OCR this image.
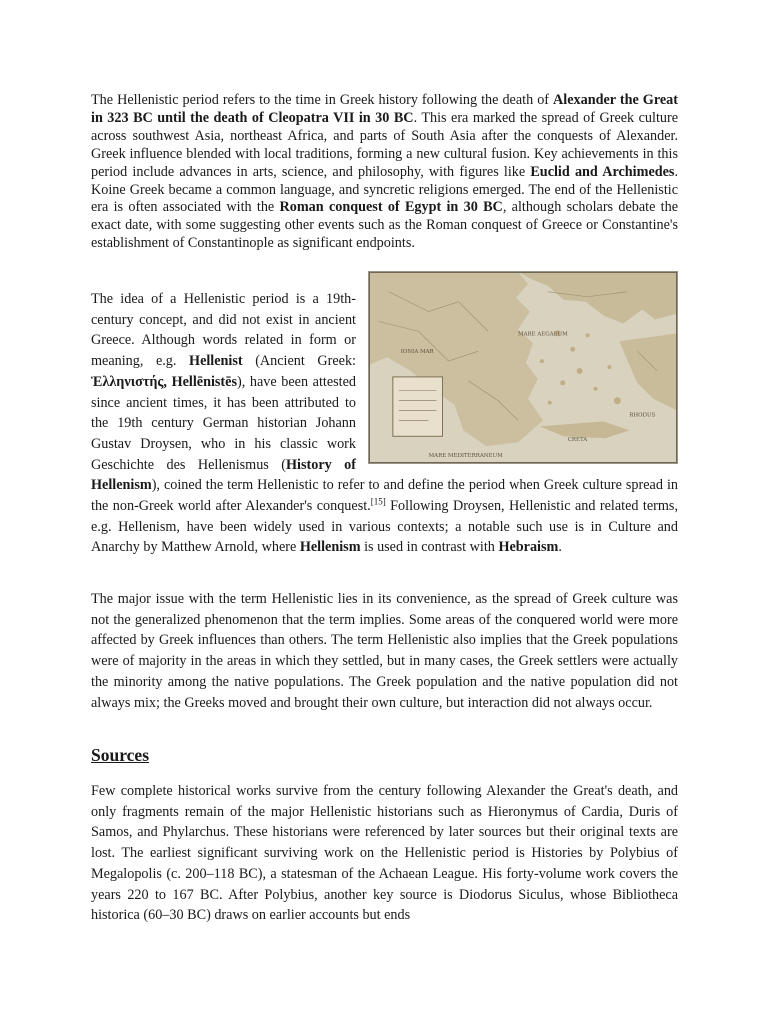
The Hellenistic period refers to the time in Greek history following the death of Alexander the Great in 323 BC until the death of Cleopatra VII in 30 BC. This era marked the spread of Greek culture across southwest Asia, northeast Africa, and parts of South Asia after the conquests of Alexander. Greek influence blended with local traditions, forming a new cultural fusion. Key achievements in this period include advances in arts, science, and philosophy, with figures like Euclid and Archimedes. Koine Greek became a common language, and syncretic religions emerged. The end of the Hellenistic era is often associated with the Roman conquest of Egypt in 30 BC, although scholars debate the exact date, with some suggesting other events such as the Roman conquest of Greece or Constantine's establishment of Constantinople as significant endpoints.

IONIA MAR
MARE AEGAEUM
CRETA
RHODUS
MARE MEDITERRANEUM
The idea of a Hellenistic period is a 19th-century concept, and did not exist in ancient Greece. Although words related in form or meaning, e.g. Hellenist (Ancient Greek: Ἑλληνιστής, Hellēnistēs), have been attested since ancient times, it has been attributed to the 19th century German historian Johann Gustav Droysen, who in his classic work Geschichte des Hellenismus (History of Hellenism), coined the term Hellenistic to refer to and define the period when Greek culture spread in the non-Greek world after Alexander's conquest.[15] Following Droysen, Hellenistic and related terms, e.g. Hellenism, have been widely used in various contexts; a notable such use is in Culture and Anarchy by Matthew Arnold, where Hellenism is used in contrast with Hebraism.

The major issue with the term Hellenistic lies in its convenience, as the spread of Greek culture was not the generalized phenomenon that the term implies. Some areas of the conquered world were more affected by Greek influences than others. The term Hellenistic also implies that the Greek populations were of majority in the areas in which they settled, but in many cases, the Greek settlers were actually the minority among the native populations. The Greek population and the native population did not always mix; the Greeks moved and brought their own culture, but interaction did not always occur.

Sources

Few complete historical works survive from the century following Alexander the Great's death, and only fragments remain of the major Hellenistic historians such as Hieronymus of Cardia, Duris of Samos, and Phylarchus. These historians were referenced by later sources but their original texts are lost. The earliest significant surviving work on the Hellenistic period is Histories by Polybius of Megalopolis (c. 200–118 BC), a statesman of the Achaean League. His forty-volume work covers the years 220 to 167 BC. After Polybius, another key source is Diodorus Siculus, whose Bibliotheca historica (60–30 BC) draws on earlier accounts but ends
